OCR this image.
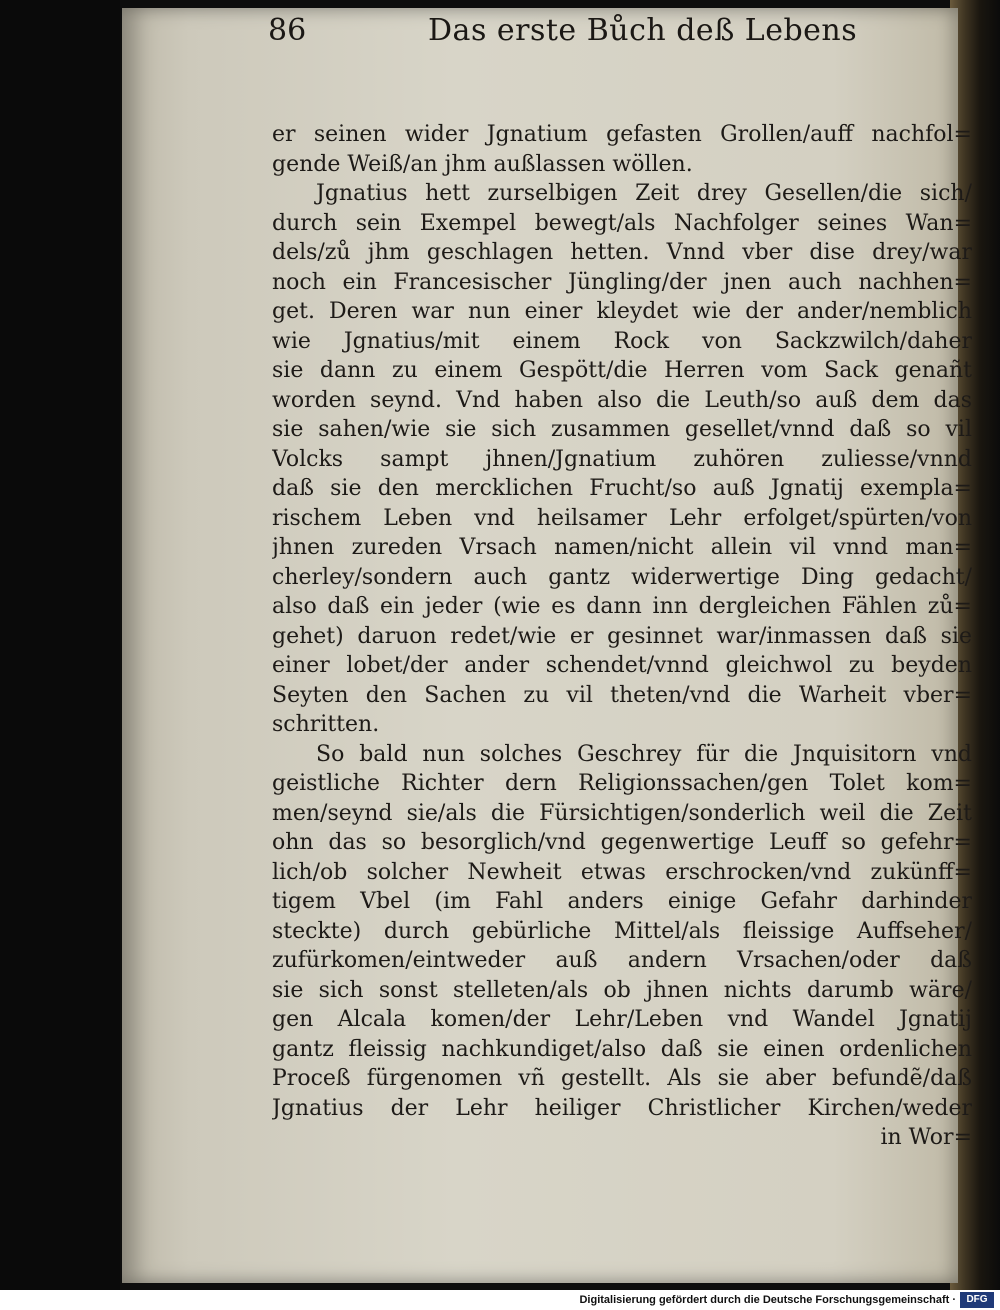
86	Das erste Bůch deß Lebens
er seinen wider Jgnatium gefasten Grollen/auff nachfol=
gende Weiß/an jhm außlassen wöllen.
Jgnatius hett zurselbigen Zeit drey Gesellen/die sich/
durch sein Exempel bewegt/als Nachfolger seines Wan=
dels/zů jhm geschlagen hetten. Vnnd vber dise drey/war
noch ein Francesischer Jüngling/der jnen auch nachhen=
get. Deren war nun einer kleydet wie der ander/nemblich
wie Jgnatius/mit einem Rock von Sackzwilch/daher
sie dann zu einem Gespött/die Herren vom Sack genañt
worden seynd. Vnd haben also die Leuth/so auß dem das
sie sahen/wie sie sich zusammen gesellet/vnnd daß so vil
Volcks sampt jhnen/Jgnatium zuhören zuliesse/vnnd
daß sie den mercklichen Frucht/so auß Jgnatij exempla=
rischem Leben vnd heilsamer Lehr erfolget/spürten/von
jhnen zureden Vrsach namen/nicht allein vil vnnd man=
cherley/sondern auch gantz widerwertige Ding gedacht/
also daß ein jeder (wie es dann inn dergleichen Fählen zů=
gehet) daruon redet/wie er gesinnet war/inmassen daß sie
einer lobet/der ander schendet/vnnd gleichwol zu beyden
Seyten den Sachen zu vil theten/vnd die Warheit vber=
schritten.
So bald nun solches Geschrey für die Jnquisitorn vnd
geistliche Richter dern Religionssachen/gen Tolet kom=
men/seynd sie/als die Fürsichtigen/sonderlich weil die Zeit
ohn das so besorglich/vnd gegenwertige Leuff so gefehr=
lich/ob solcher Newheit etwas erschrocken/vnd zukünff=
tigem Vbel (im Fahl anders einige Gefahr darhinder
steckte) durch gebürliche Mittel/als fleissige Auffseher/
zufürkomen/eintweder auß andern Vrsachen/oder daß
sie sich sonst stelleten/als ob jhnen nichts darumb wäre/
gen Alcala komen/der Lehr/Leben vnd Wandel Jgnatij
gantz fleissig nachkundiget/also daß sie einen ordenlichen
Proceß fürgenomen vñ gestellt. Als sie aber befundẽ/daß
Jgnatius der Lehr heiliger Christlicher Kirchen/weder
in Wor=
Digitalisierung gefördert durch die Deutsche Forschungsgemeinschaft ·	DFG
